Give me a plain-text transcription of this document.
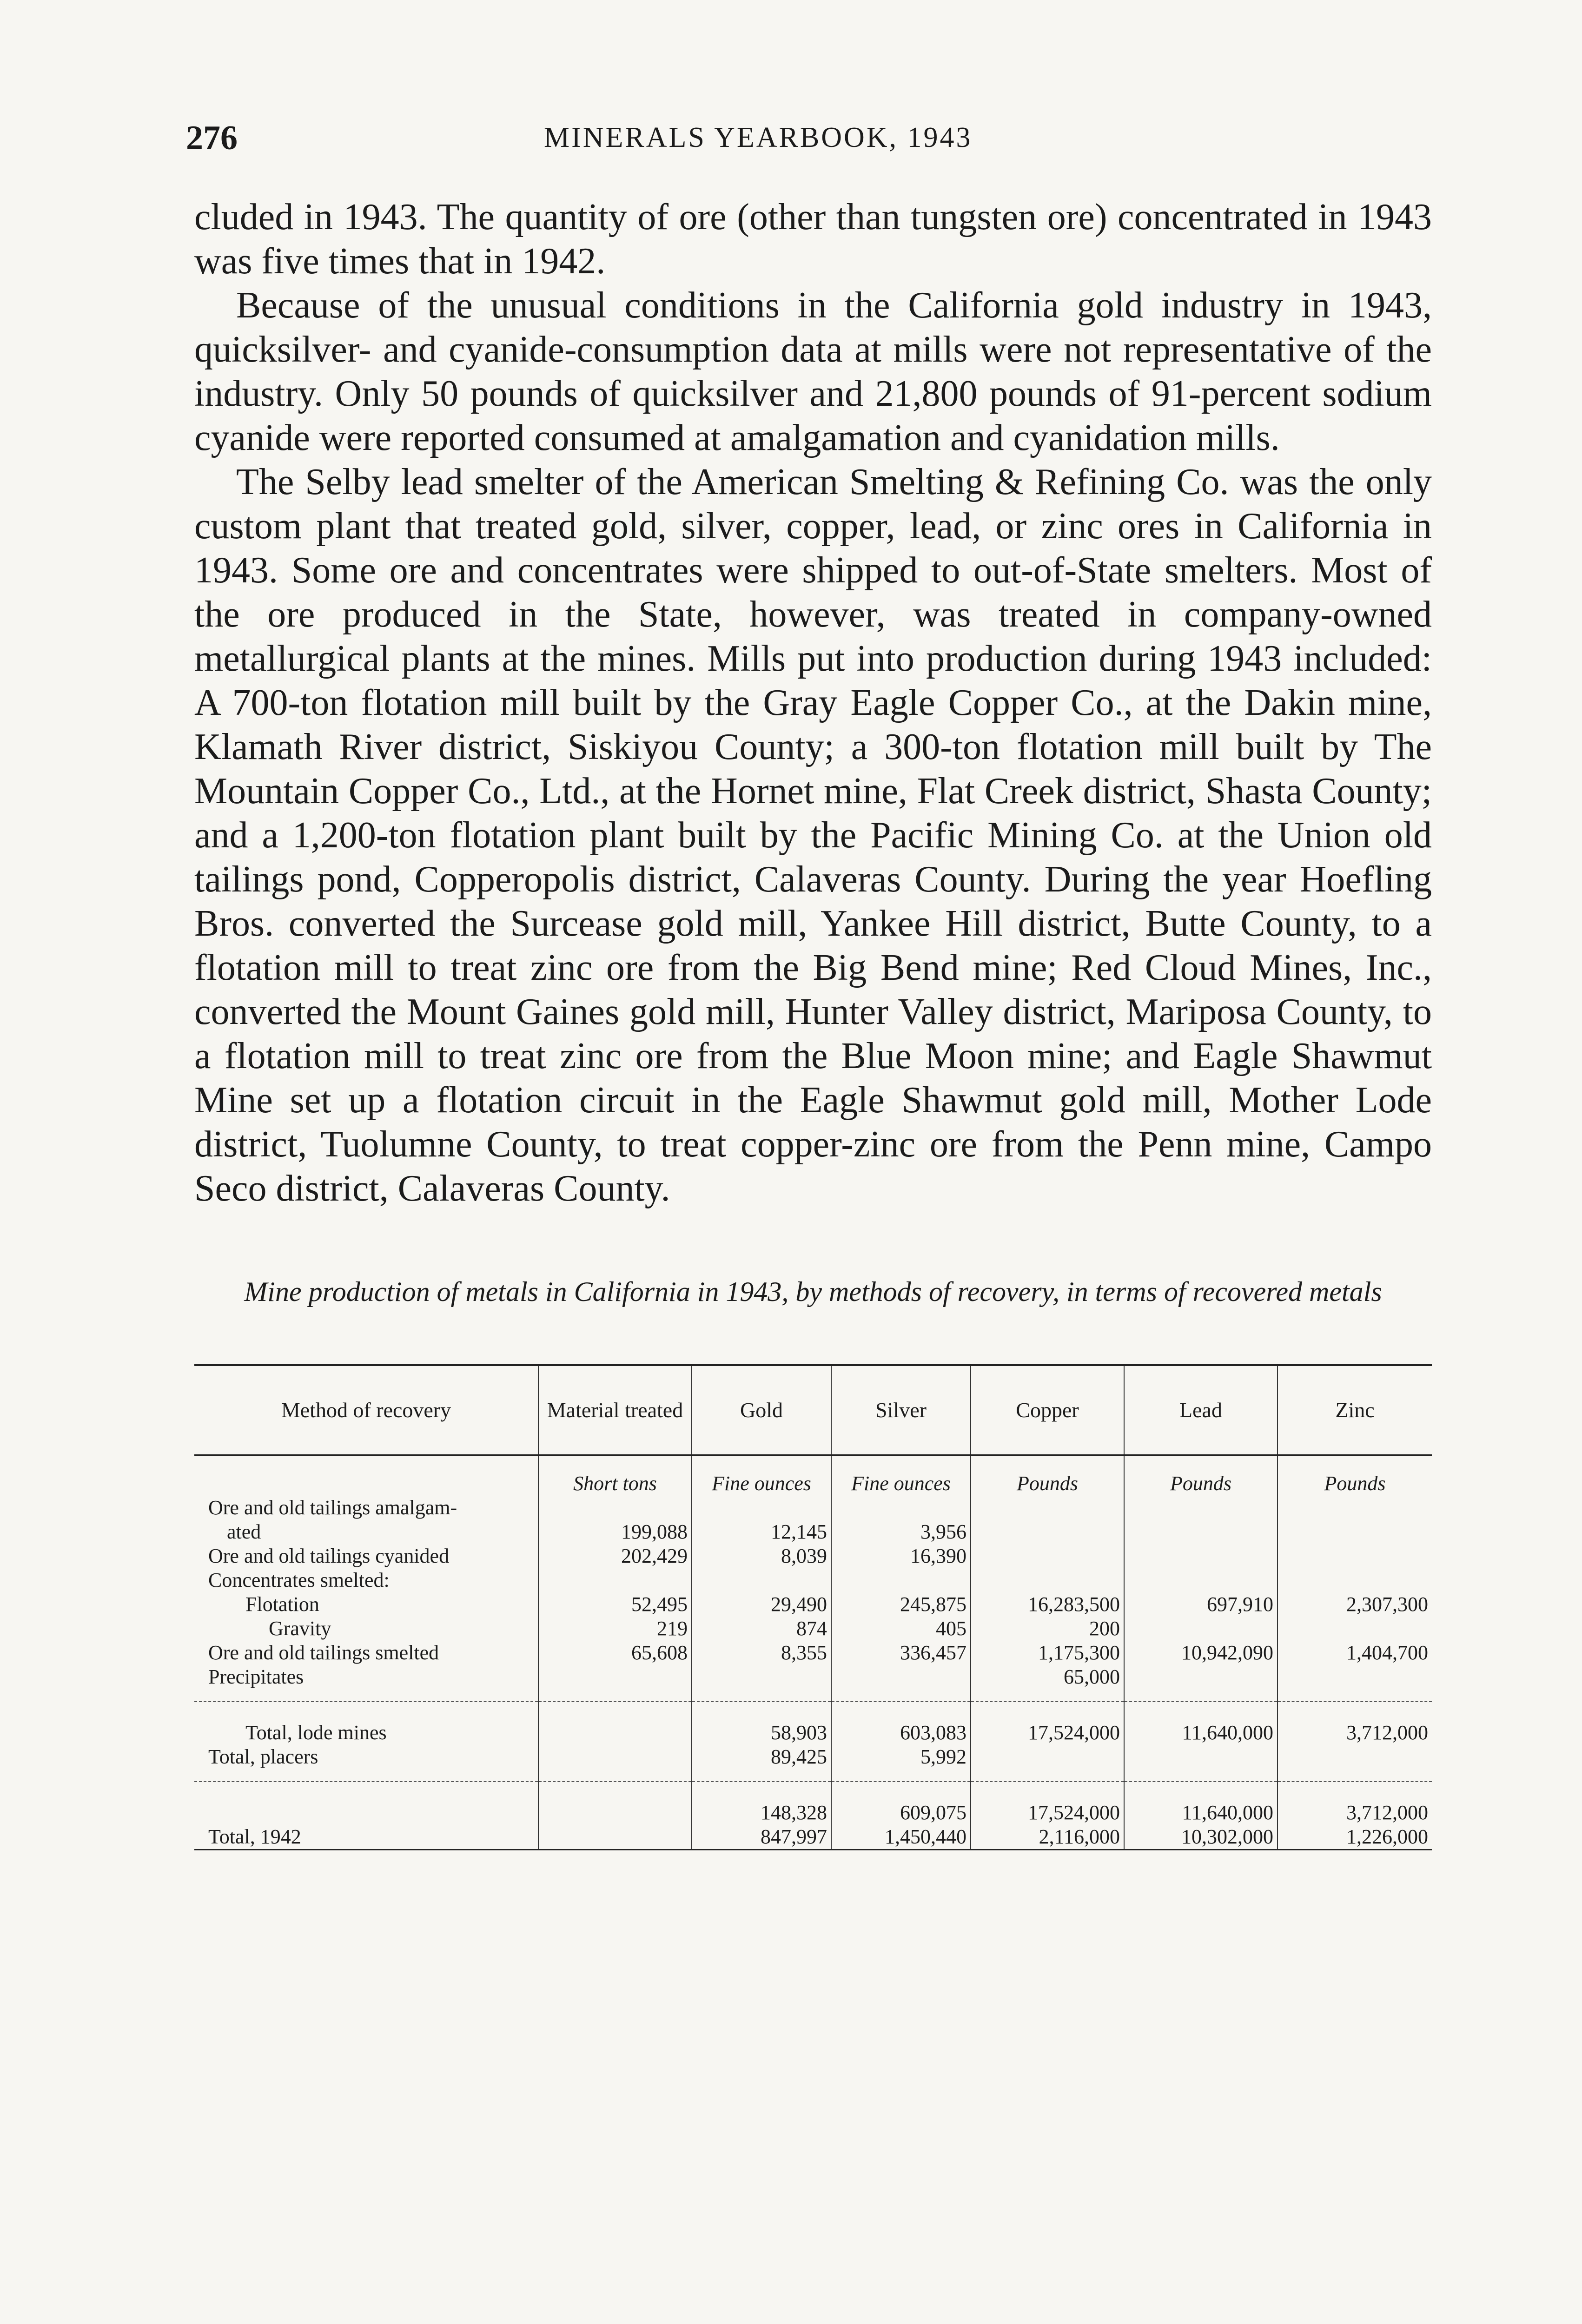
276	MINERALS YEARBOOK, 1943

cluded in 1943. The quantity of ore (other than tungsten ore) concentrated in 1943 was five times that in 1942.

Because of the unusual conditions in the California gold industry in 1943, quicksilver- and cyanide-consumption data at mills were not representative of the industry. Only 50 pounds of quicksilver and 21,800 pounds of 91-percent sodium cyanide were reported consumed at amalgamation and cyanidation mills.

The Selby lead smelter of the American Smelting & Refining Co. was the only custom plant that treated gold, silver, copper, lead, or zinc ores in California in 1943. Some ore and concentrates were shipped to out-of-State smelters. Most of the ore produced in the State, however, was treated in company-owned metallurgical plants at the mines. Mills put into production during 1943 included: A 700-ton flotation mill built by the Gray Eagle Copper Co., at the Dakin mine, Klamath River district, Siskiyou County; a 300-ton flotation mill built by The Mountain Copper Co., Ltd., at the Hornet mine, Flat Creek district, Shasta County; and a 1,200-ton flotation plant built by the Pacific Mining Co. at the Union old tailings pond, Copperopolis district, Calaveras County. During the year Hoefling Bros. converted the Surcease gold mill, Yankee Hill district, Butte County, to a flotation mill to treat zinc ore from the Big Bend mine; Red Cloud Mines, Inc., converted the Mount Gaines gold mill, Hunter Valley district, Mariposa County, to a flotation mill to treat zinc ore from the Blue Moon mine; and Eagle Shawmut Mine set up a flotation circuit in the Eagle Shawmut gold mill, Mother Lode district, Tuolumne County, to treat copper-zinc ore from the Penn mine, Campo Seco district, Calaveras County.

Mine production of metals in California in 1943, by methods of recovery, in terms of recovered metals
Method of recovery	Material treated	Gold	Silver	Copper	Lead	Zinc
	Short tons	Fine ounces	Fine ounces	Pounds	Pounds	Pounds
Ore and old tailings amalgam-						
ated	199,088	12,145	3,956			
Ore and old tailings cyanided	202,429	8,039	16,390			
Concentrates smelted:						
Flotation	52,495	29,490	245,875	16,283,500	697,910	2,307,300
Gravity	219	874	405	200		
Ore and old tailings smelted	65,608	8,355	336,457	1,175,300	10,942,090	1,404,700
Precipitates				65,000		

Total, lode mines		58,903	603,083	17,524,000	11,640,000	3,712,000
Total, placers		89,425	5,992			

		148,328	609,075	17,524,000	11,640,000	3,712,000
Total, 1942		847,997	1,450,440	2,116,000	10,302,000	1,226,000
